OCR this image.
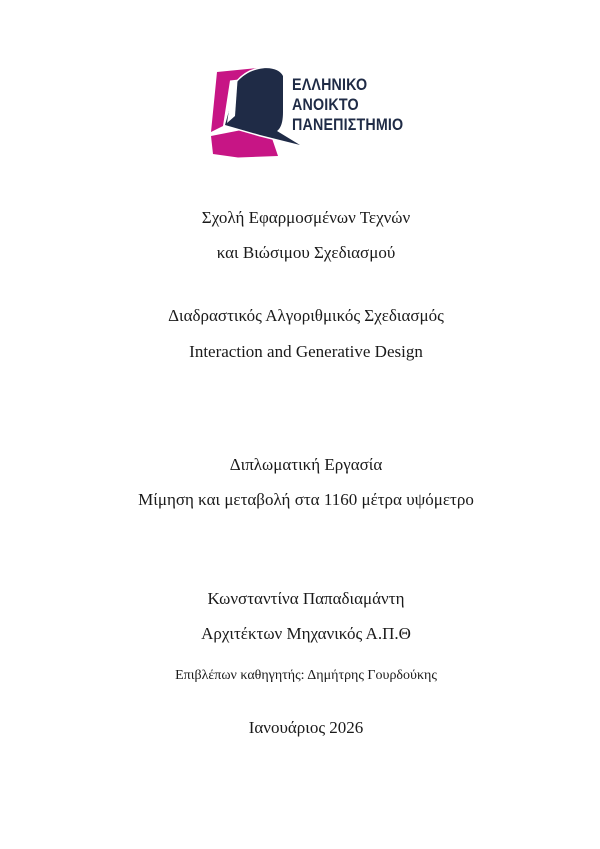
ΕΛΛΗΝΙΚΟ
ΑΝΟΙΚΤΟ
ΠΑΝΕΠΙΣΤΗΜΙΟ
Σχολή Εφαρμοσμένων Τεχνών
και Βιώσιμου Σχεδιασμού
Διαδραστικός Αλγοριθμικός Σχεδιασμός
Interaction and Generative Design
Διπλωματική Εργασία
Μίμηση και μεταβολή στα 1160 μέτρα υψόμετρο
Κωνσταντίνα Παπαδιαμάντη
Αρχιτέκτων Μηχανικός Α.Π.Θ
Επιβλέπων καθηγητής: Δημήτρης Γουρδούκης
Ιανουάριος 2026
